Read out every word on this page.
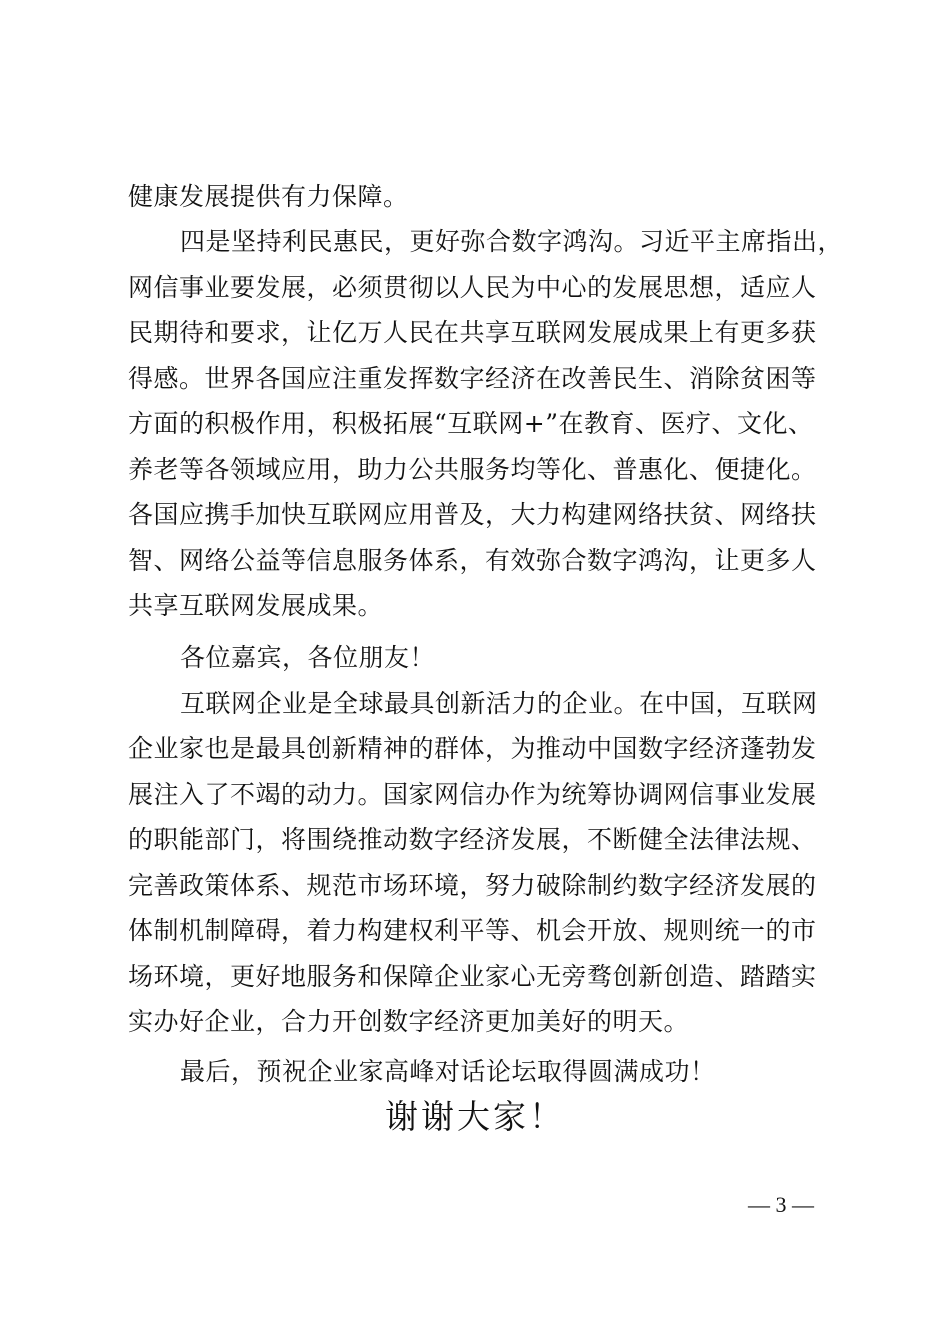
健康发展提供有力保障。
四是坚持利民惠民，更好弥合数字鸿沟。习近平主席指出，
网信事业要发展，必须贯彻以人民为中心的发展思想，适应人
民期待和要求，让亿万人民在共享互联网发展成果上有更多获
得感。世界各国应注重发挥数字经济在改善民生、消除贫困等
方面的积极作用，积极拓展“互联网+”在教育、医疗、文化、
养老等各领域应用，助力公共服务均等化、普惠化、便捷化。
各国应携手加快互联网应用普及，大力构建网络扶贫、网络扶
智、网络公益等信息服务体系，有效弥合数字鸿沟，让更多人
共享互联网发展成果。
各位嘉宾，各位朋友！
互联网企业是全球最具创新活力的企业。在中国，互联网
企业家也是最具创新精神的群体，为推动中国数字经济蓬勃发
展注入了不竭的动力。国家网信办作为统筹协调网信事业发展
的职能部门，将围绕推动数字经济发展，不断健全法律法规、
完善政策体系、规范市场环境，努力破除制约数字经济发展的
体制机制障碍，着力构建权利平等、机会开放、规则统一的市
场环境，更好地服务和保障企业家心无旁骛创新创造、踏踏实
实办好企业，合力开创数字经济更加美好的明天。
最后，预祝企业家高峰对话论坛取得圆满成功！
谢谢大家！
— 3 —
